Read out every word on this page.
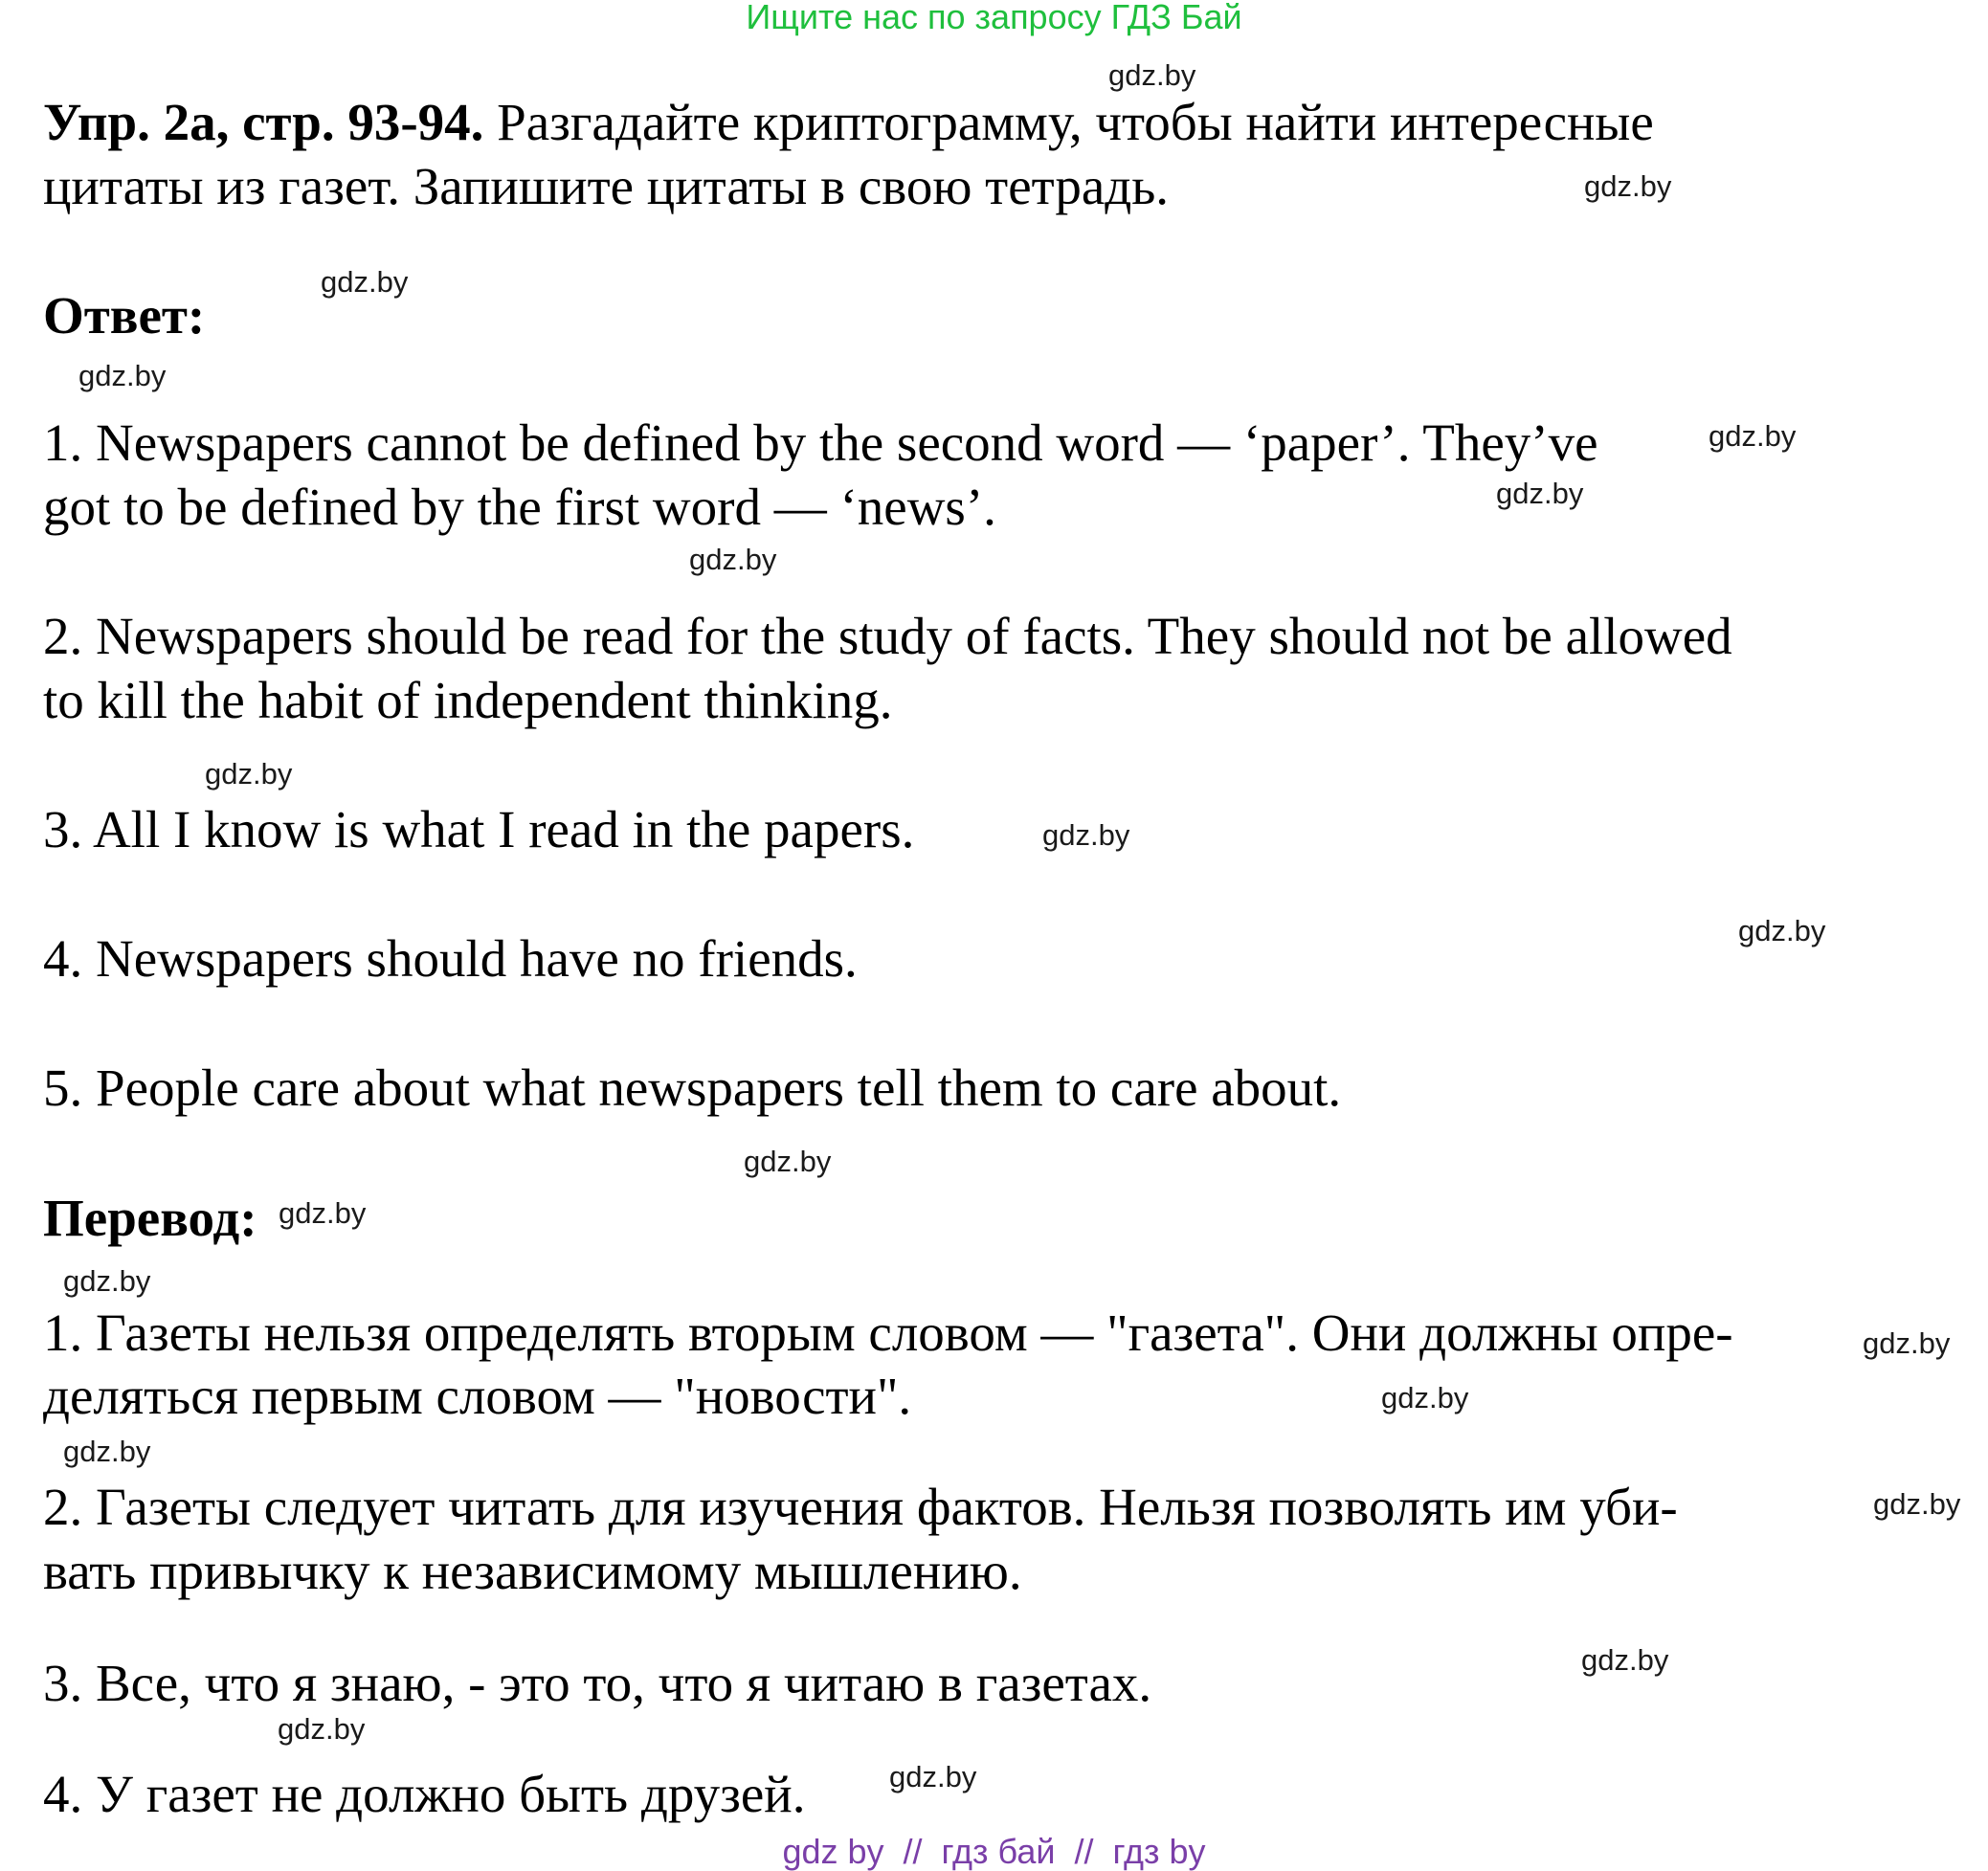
Ищите нас по запросу ГДЗ Бай

Упр. 2а, стр. 93-94. Разгадайте криптограмму, чтобы найти интересные

цитаты из газет. Запишите цитаты в свою тетрадь.

Ответ:

1. Newspapers cannot be defined by the second word — ‘paper’. They’ve

got to be defined by the first word — ‘news’.

2. Newspapers should be read for the study of facts. They should not be allowed

to kill the habit of independent thinking.

3. All I know is what I read in the papers.

4. Newspapers should have no friends.

5. People care about what newspapers tell them to care about.

Перевод:

1. Газеты нельзя определять вторым словом — "газета". Они должны опре-

деляться первым словом — "новости".

2. Газеты следует читать для изучения фактов. Нельзя позволять им уби-

вать привычку к независимому мышлению.

3. Все, что я знаю, - это то, что я читаю в газетах.

4. У газет не должно быть друзей.

gdz.by
gdz.by
gdz.by
gdz.by
gdz.by
gdz.by
gdz.by
gdz.by
gdz.by
gdz.by
gdz.by
gdz.by
gdz.by
gdz.by
gdz.by
gdz.by
gdz.by
gdz.by
gdz.by
gdz.by
gdz by  //  гдз бай  //  гдз by
